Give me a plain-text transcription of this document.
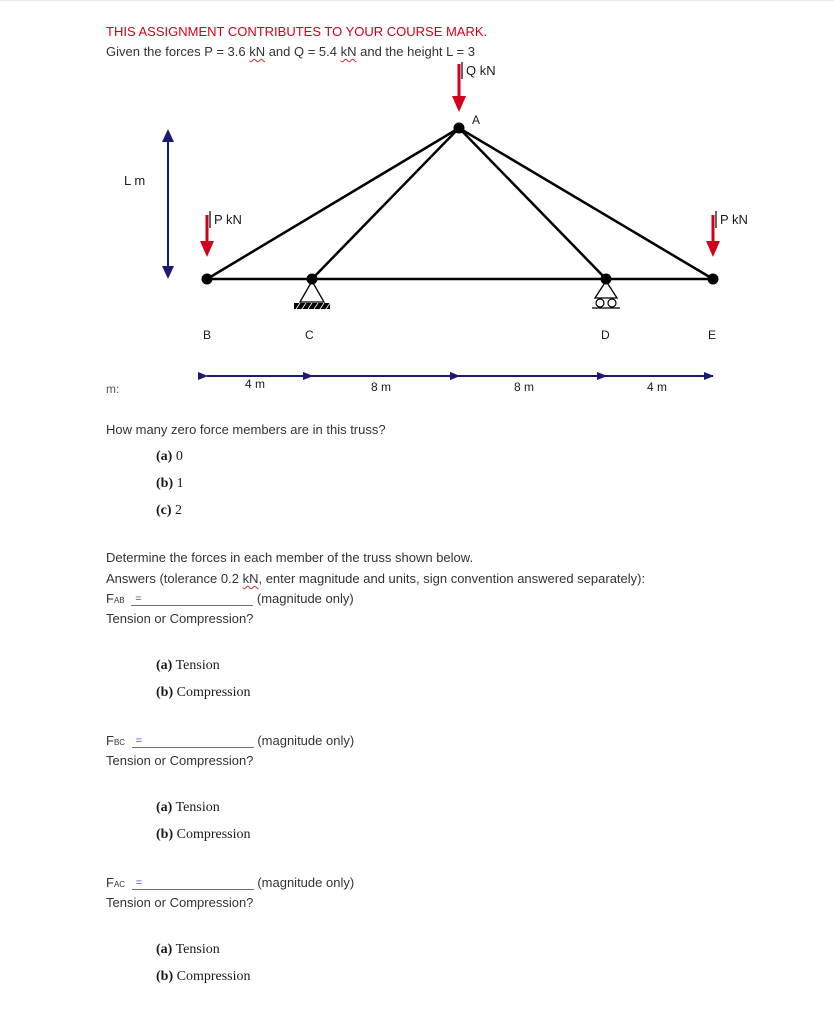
THIS ASSIGNMENT CONTRIBUTES TO YOUR COURSE MARK.
Given the forces P = 3.6 kN and Q = 5.4 kN and the height L = 3
Q kN
P kN	P kN
L m
A
B	C	D	E
4 m	8 m	8 m	4 m
m:
How many zero force members are in this truss?
(a) 0
(b) 1
(c) 2
Determine the forces in each member of the truss shown below.
Answers (tolerance 0.2 kN, enter magnitude and units, sign convention answered separately):
FAB =	(magnitude only)
Tension or Compression?
(a) Tension
(b) Compression
FBC =	(magnitude only)
Tension or Compression?
(a) Tension
(b) Compression
FAC =	(magnitude only)
Tension or Compression?
(a) Tension
(b) Compression
